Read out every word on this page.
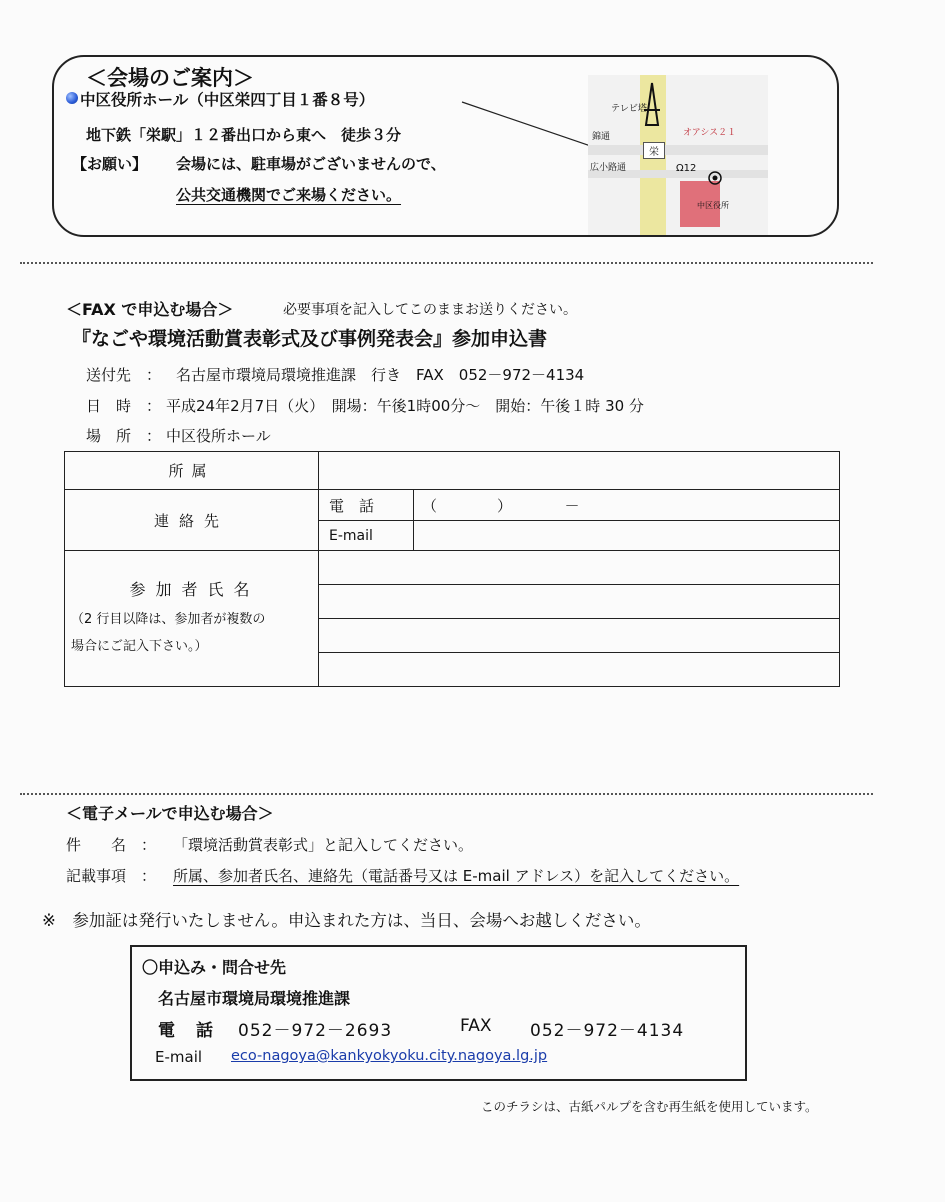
＜会場のご案内＞
中区役所ホール（中区栄四丁目１番８号）
地下鉄「栄駅」１２番出口から東へ　徒歩３分
【お願い】 会場には、駐車場がございませんので、
公共交通機関でご来場ください。
テレビ塔
錦通	オアシス２１
栄
広小路通	Ω12
中区役所
＜FAX で申込む場合＞	必要事項を記入してこのままお送りください。
『なごや環境活動賞表彰式及び事例発表会』参加申込書
送付先　： 名古屋市環境局環境推進課　行き　FAX　052－972－4134
日　時　： 平成24年2月7日（火）　開場：午後1時00分～　開始：午後１時 30 分
場　所　： 中区役所ホール
所属		
連絡先	電　話	（　　　　）　　　　－
	E-mail	

参加者氏名
（2 行目以降は、参加者が複数の
場合にご記入下さい。）		

＜電子メールで申込む場合＞
件　　名　： 「環境活動賞表彰式」と記入してください。
記載事項　： 所属、参加者氏名、連絡先（電話番号又は E-mail アドレス）を記入してください。
※　参加証は発行いたしません。申込まれた方は、当日、会場へお越しください。
〇申込み・問合せ先
名古屋市環境局環境推進課
電　話 052－972－2693	FAX 052－972－4134
E-mail eco-nagoya@kankyokyoku.city.nagoya.lg.jp
このチラシは、古紙パルプを含む再生紙を使用しています。
